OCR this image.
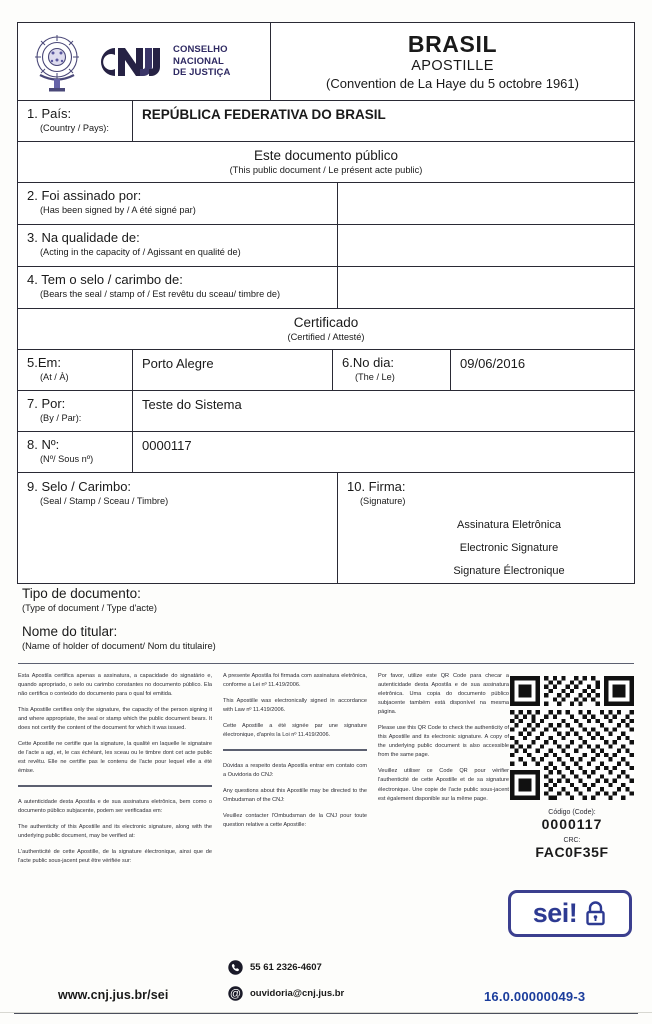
CONSELHO
NACIONAL
DE JUSTIÇA
BRASIL
APOSTILLE
(Convention de La Haye du 5 octobre 1961)
1. País:
(Country / Pays):
REPÚBLICA FEDERATIVA DO BRASIL
Este documento público
(This public document / Le présent acte public)
2. Foi assinado por:
(Has been signed by / A été signé par)
3. Na qualidade de:
(Acting in the capacity of / Agissant en qualité de)
4. Tem o selo / carimbo de:
(Bears the seal / stamp of / Est revêtu du sceau/ timbre de)
Certificado
(Certified / Attesté)
5.Em:
(At / À)
Porto Alegre	6.No dia:
(The / Le)
09/06/2016
7. Por:
(By / Par):
Teste do Sistema
8. Nº:
(Nº/ Sous nº)
0000117
9. Selo / Carimbo:
(Seal / Stamp / Sceau / Timbre)
10. Firma:
(Signature)
Assinatura Eletrônica
Electronic Signature
Signature Électronique
Tipo de documento:
(Type of document / Type d'acte)
Nome do titular:
(Name of holder of document/ Nom du titulaire)

Esta Apostila certifica apenas a assinatura, a capacidade do signatário e, quando apropriado, o selo ou carimbo constantes no documento público. Ela não certifica o conteúdo do documento para o qual foi emitida.

This Apostille certifies only the signature, the capacity of the person signing it and where appropriate, the seal or stamp which the public document bears. It does not certify the content of the document for which it was issued.

Cette Apostille ne certifie que la signature, la qualité en laquelle le signataire de l'acte a agi, et, le cas échéant, les sceau ou le timbre dont cet acte public est revêtu. Elle ne certifie pas le contenu de l'acte pour lequel elle a été émise.

A autenticidade desta Apostila e de sua assinatura eletrônica, bem como o documento público subjacente, podem ser verificadas em:

The authenticity of this Apostille and its electronic signature, along with the underlying public document, may be verified at:

L'authenticité de cette Apostille, de la signature électronique, ainsi que de l'acte public sous-jacent peut être vérifiée sur:

A presente Apostila foi firmada com assinatura eletrônica, conforme a Lei nº 11.419/2006.

This Apostille was electronically signed in accordance with Law nº 11.419/2006.

Cette Apostille a été signée par une signature électronique, d'après la Loi nº 11.419/2006.

Dúvidas a respeito desta Apostila entrar em contato com a Ouvidoria do CNJ:

Any questions about this Apostille may be directed to the Ombudsman of the CNJ:

Veuillez contacter l'Ombudsman de la CNJ pour toute question relative a cette Apostille:

Por favor, utilize este QR Code para checar a autenticidade desta Apostila e de sua assinatura eletrônica. Uma copia do documento público subjacente também está disponível na mesma página.

Please use this QR Code to check the authenticity of this Apostille and its electronic signature. A copy of the underlying public document is also accessible from the same page.

Veuillez utiliser ce Code QR pour vérifier l'authenticité de cette Apostille et de sa signature électronique. Une copie de l'acte public sous-jacent est également disponible sur la même page.

Código (Code):
0000117
CRC:
FAC0F35F
sei!
www.cnj.jus.br/sei
55 61 2326-4607
@ ouvidoria@cnj.jus.br	16.0.00000049-3
